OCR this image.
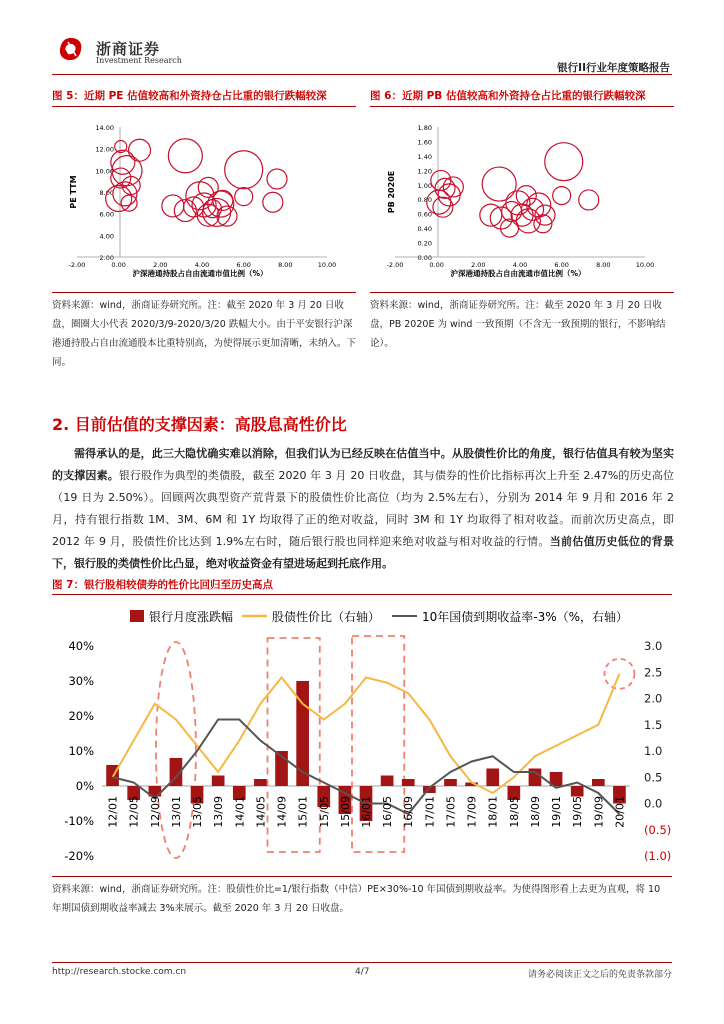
浙商证券
Investment Research
银行II行业年度策略报告
图 5：近期 PE 估值较高和外资持仓占比重的银行跌幅较深	图 6：近期 PB 估值较高和外资持仓占比重的银行跌幅较深
14.00
12.00
10.00
8.00
6.00
4.00
2.00
-2.00	0.00	2.00	4.00	6.00	8.00	10.00
PE TTM
沪深港通持股占自由流通市值比例（%）
1.80
1.60
1.40
1.20
1.00
0.80
0.60
0.40
0.20
0.00
-2.00	0.00	2.00	4.00	6.00	8.00	10.00
PB 2020E
沪深港通持股占自由流通市值比例（%）
资料来源：wind，浙商证券研究所。注：截至 2020 年 3 月 20 日收盘，圈圈大小代表 2020/3/9-2020/3/20 跌幅大小。由于平安银行沪深港通持股占自由流通股本比重特别高，为使得展示更加清晰，未纳入。下同。
资料来源：wind，浙商证券研究所。注：截至 2020 年 3 月 20 日收盘，PB 2020E 为 wind 一致预期（不含无一致预期的银行，不影响结论）。
2. 目前估值的支撑因素：高股息高性价比
需得承认的是，此三大隐忧确实难以消除，但我们认为已经反映在估值当中。从股债性价比的角度，银行估值具有较为坚实的支撑因素。银行股作为典型的类债股，截至 2020 年 3 月 20 日收盘，其与债券的性价比指标再次上升至 2.47%的历史高位（19 日为 2.50%）。回顾两次典型资产荒背景下的股债性价比高位（均为 2.5%左右），分别为 2014 年 9 月和 2016 年 2 月，持有银行指数 1M、3M、6M 和 1Y 均取得了正的绝对收益，同时 3M 和 1Y 均取得了相对收益。而前次历史高点，即 2012 年 9 月，股债性价比达到 1.9%左右时，随后银行股也同样迎来绝对收益与相对收益的行情。当前估值历史低位的背景下，银行股的类债性价比凸显，绝对收益资金有望进场起到托底作用。
图 7：银行股相较债券的性价比回归至历史高点
银行月度涨跌幅	股债性价比（右轴）	10年国债到期收益率-3%（%，右轴）
40%
30%
20%
10%
0%
-10%
-20%
3.0
2.5
2.0
1.5
1.0
0.5
0.0
(0.5)
(1.0)
12/01 12/05 12/09 13/01 13/05 13/09 14/01 14/05 14/09 15/01 15/05 15/09 16/01 16/05 16/09 17/01 17/05 17/09 18/01 18/05 18/09 19/01 19/05 19/09 20/01
资料来源：wind，浙商证券研究所。注：股债性价比=1/银行指数（中信）PE×30%-10 年国债到期收益率。为使得图形看上去更为直观，将 10 年期国债到期收益率减去 3%来展示。截至 2020 年 3 月 20 日收盘。
http://research.stocke.com.cn	4/7	请务必阅读正文之后的免责条款部分
